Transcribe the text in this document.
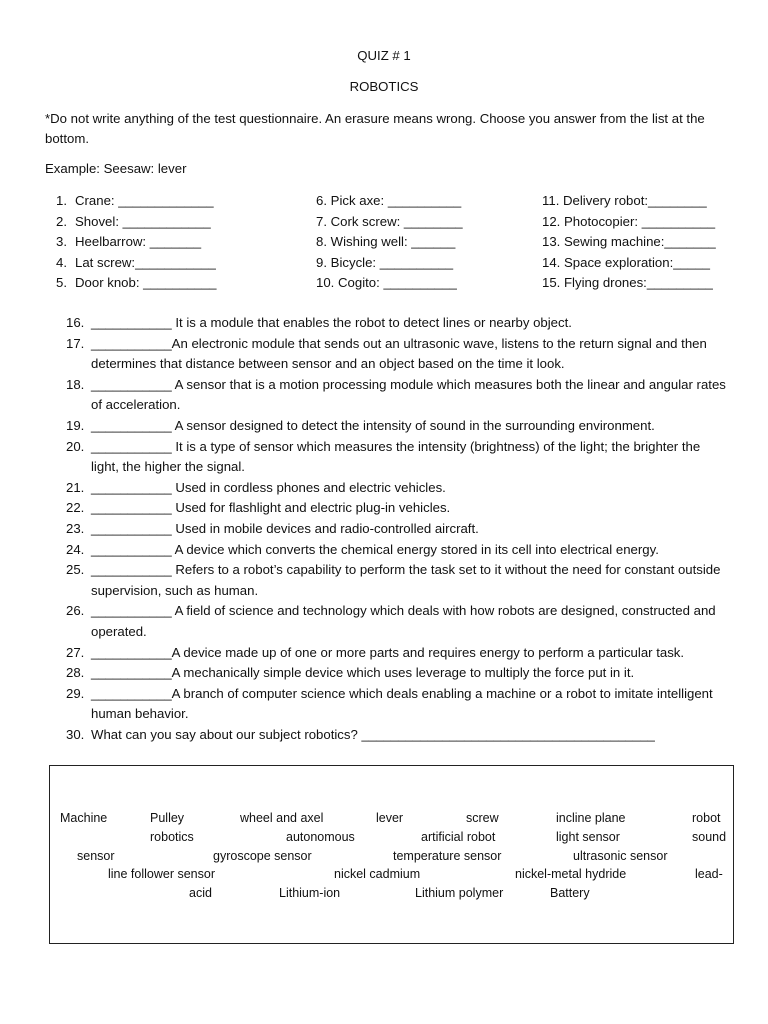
QUIZ # 1
ROBOTICS
*Do not write anything of the test questionnaire. An erasure means wrong. Choose you answer from the list at the bottom.
Example: Seesaw: lever
1. Crane: _____________
2. Shovel: ____________
3. Heelbarrow: _______
4. Lat screw:___________
5. Door knob: __________
6. Pick axe: __________
7. Cork screw: ________
8. Wishing well: ______
9. Bicycle: __________
10. Cogito: __________
11. Delivery robot:________
12. Photocopier: __________
13. Sewing machine:_______
14. Space exploration:_____
15. Flying drones:_________
16. ___________ It is a module that enables the robot to detect lines or nearby object.
17. ___________An electronic module that sends out an ultrasonic wave, listens to the return signal and then determines that distance between sensor and an object based on the time it look.
18. ___________ A sensor that is a motion processing module which measures both the linear and angular rates of acceleration.
19. ___________ A sensor designed to detect the intensity of sound in the surrounding environment.
20. ___________ It is a type of sensor which measures the intensity (brightness) of the light; the brighter the light, the higher the signal.
21. ___________ Used in cordless phones and electric vehicles.
22. ___________ Used for flashlight and electric plug-in vehicles.
23. ___________ Used in mobile devices and radio-controlled aircraft.
24. ___________ A device which converts the chemical energy stored in its cell into electrical energy.
25. ___________ Refers to a robot’s capability to perform the task set to it without the need for constant outside supervision, such as human.
26. ___________ A field of science and technology which deals with how robots are designed, constructed and operated.
27. ___________A device made up of one or more parts and requires energy to perform a particular task.
28. ___________A mechanically simple device which uses leverage to multiply the force put in it.
29. ___________A branch of computer science which deals enabling a machine or a robot to imitate intelligent human behavior.
30. What can you say about our subject robotics? ________________________________________
Machine	Pulley	wheel and axel	lever	screw	incline plane	robot
robotics	autonomous	artificial robot	light sensor	sound
sensor	gyroscope sensor	temperature sensor	ultrasonic sensor
line follower sensor	nickel cadmium	nickel-metal hydride	lead-
acid	Lithium-ion	Lithium polymer	Battery
